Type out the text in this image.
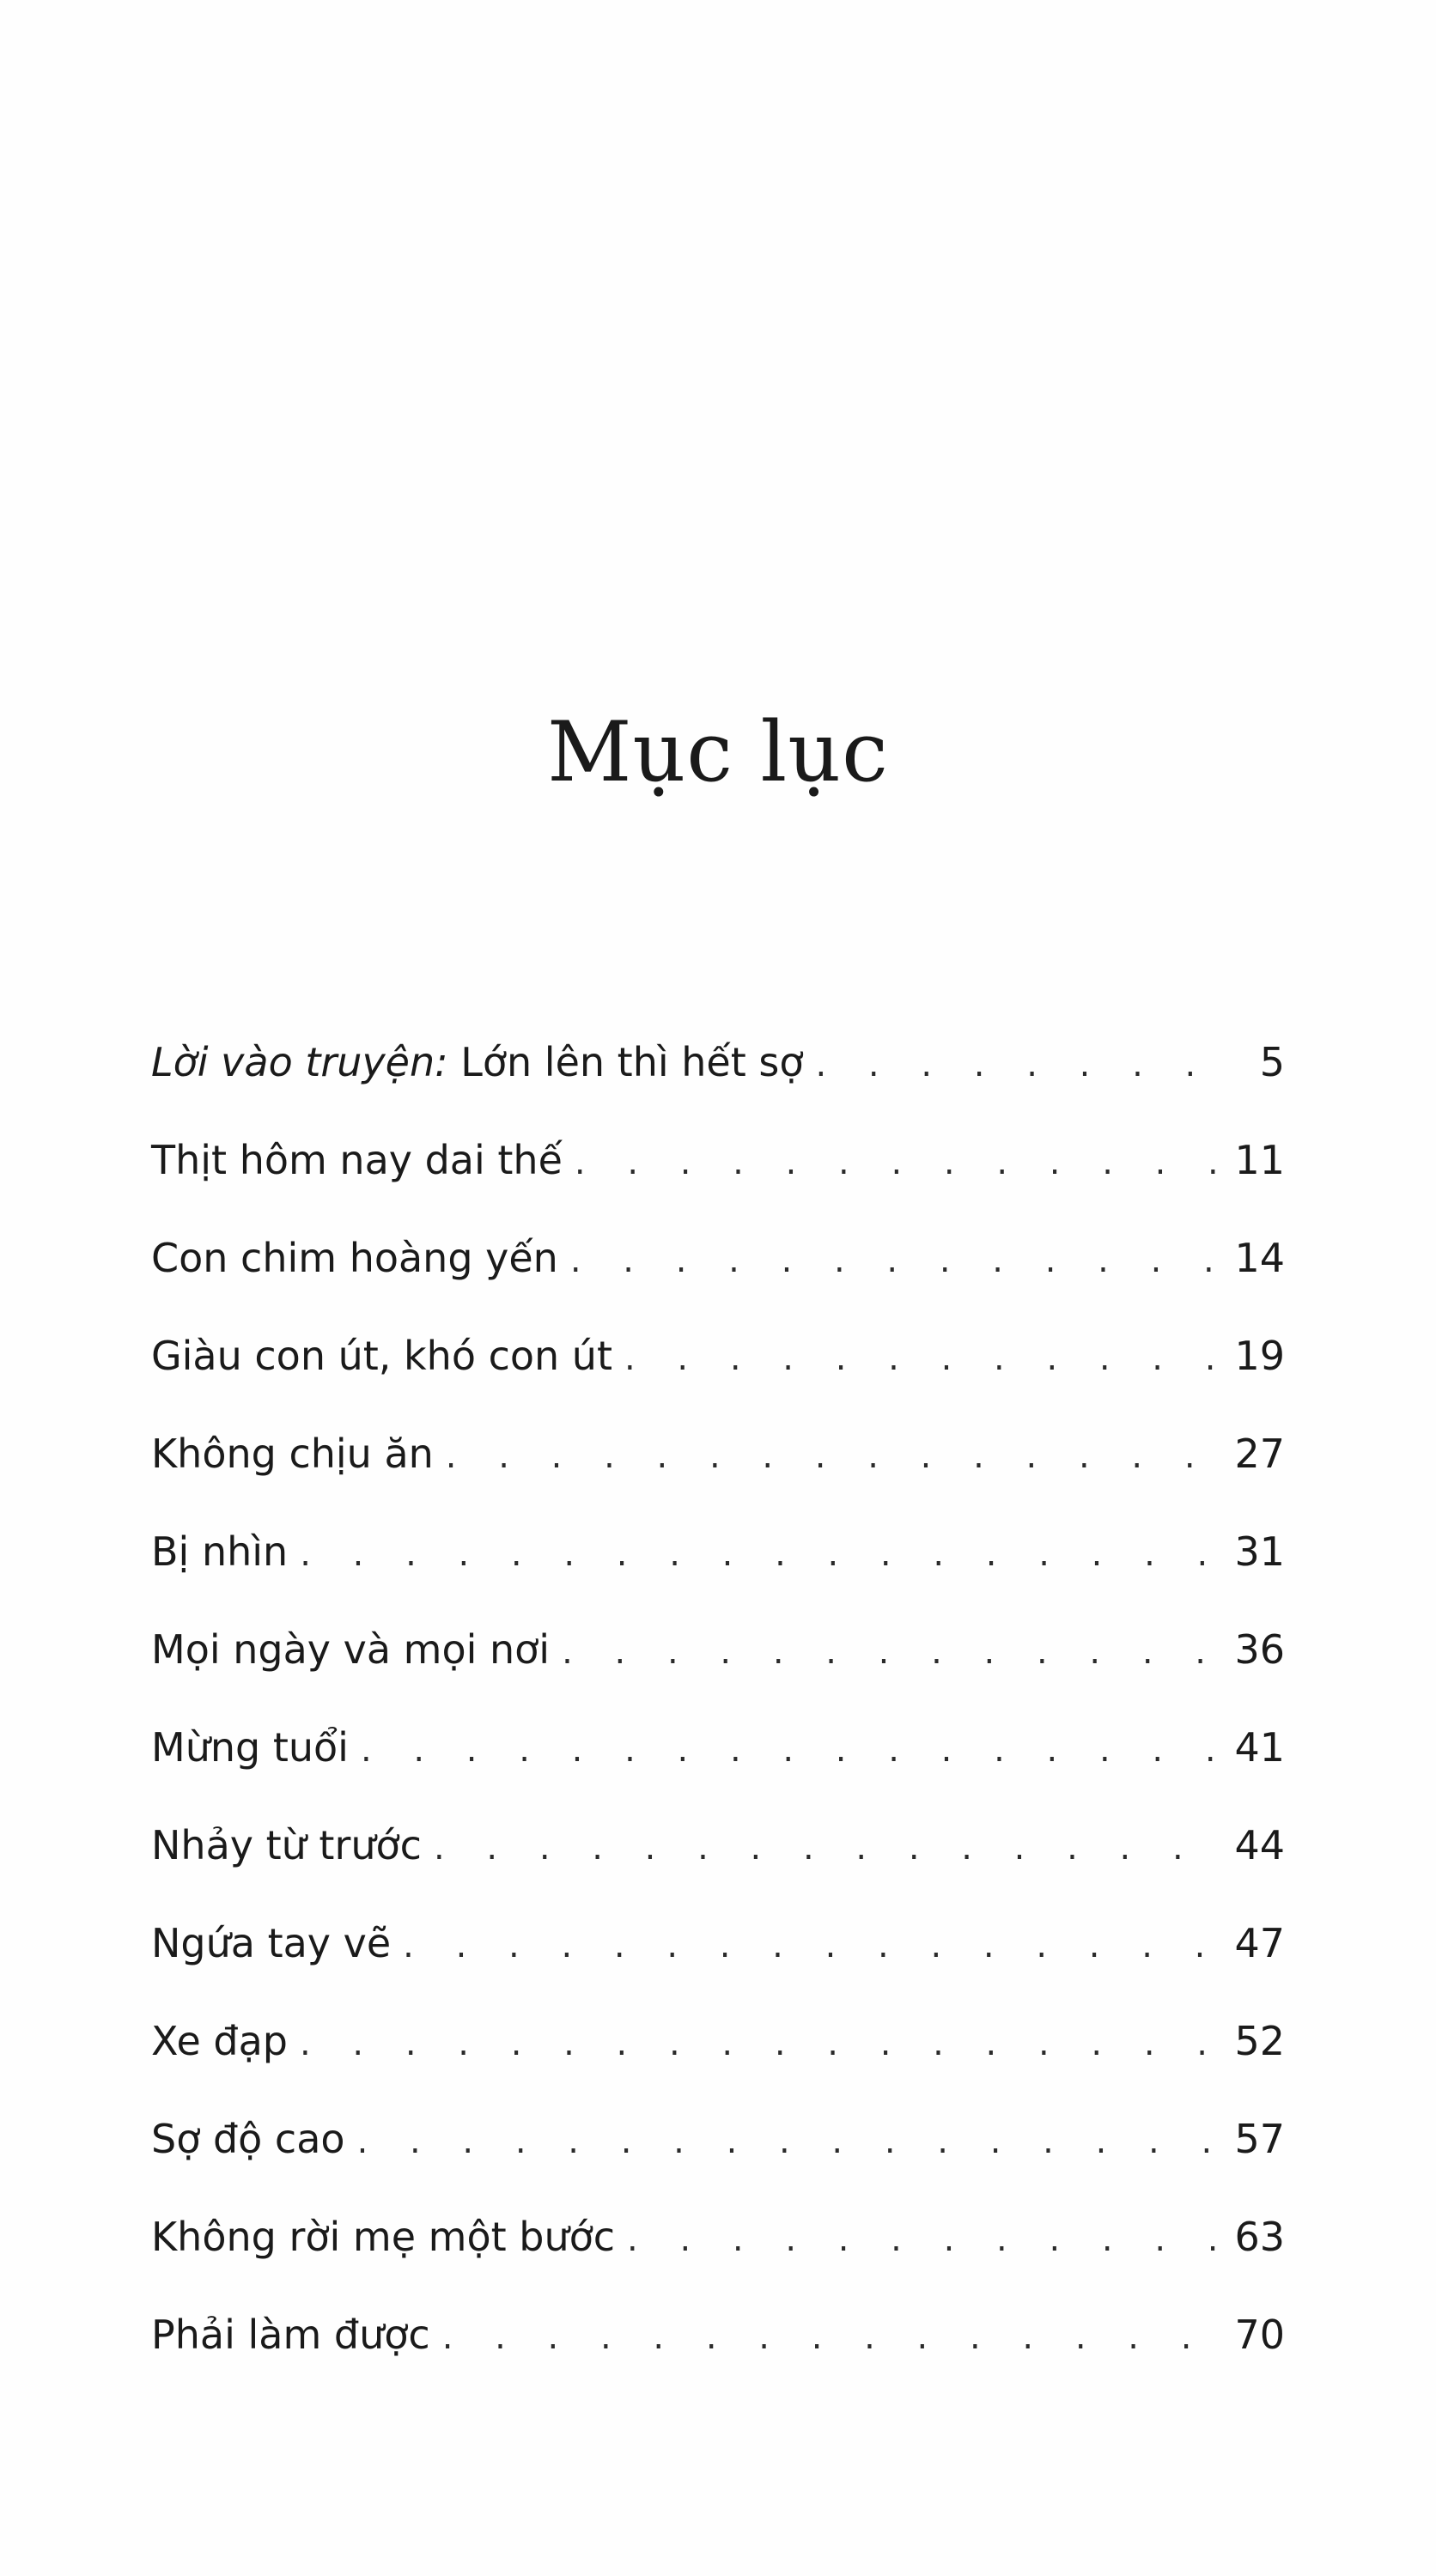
Mục lục
Lời vào truyện: Lớn lên thì hết sợ . . .	5
Thịt hôm nay dai thế . . .	11
Con chim hoàng yến . . .	14
Giàu con út, khó con út . . .	19
Không chịu ăn . . .	27
Bị nhìn . . .	31
Mọi ngày và mọi nơi . . .	36
Mừng tuổi . . .	41
Nhảy từ trước . . .	44
Ngứa tay vẽ . . .	47
Xe đạp . . .	52
Sợ độ cao . . .	57
Không rời mẹ một bước . . .	63
Phải làm được . . .	70
